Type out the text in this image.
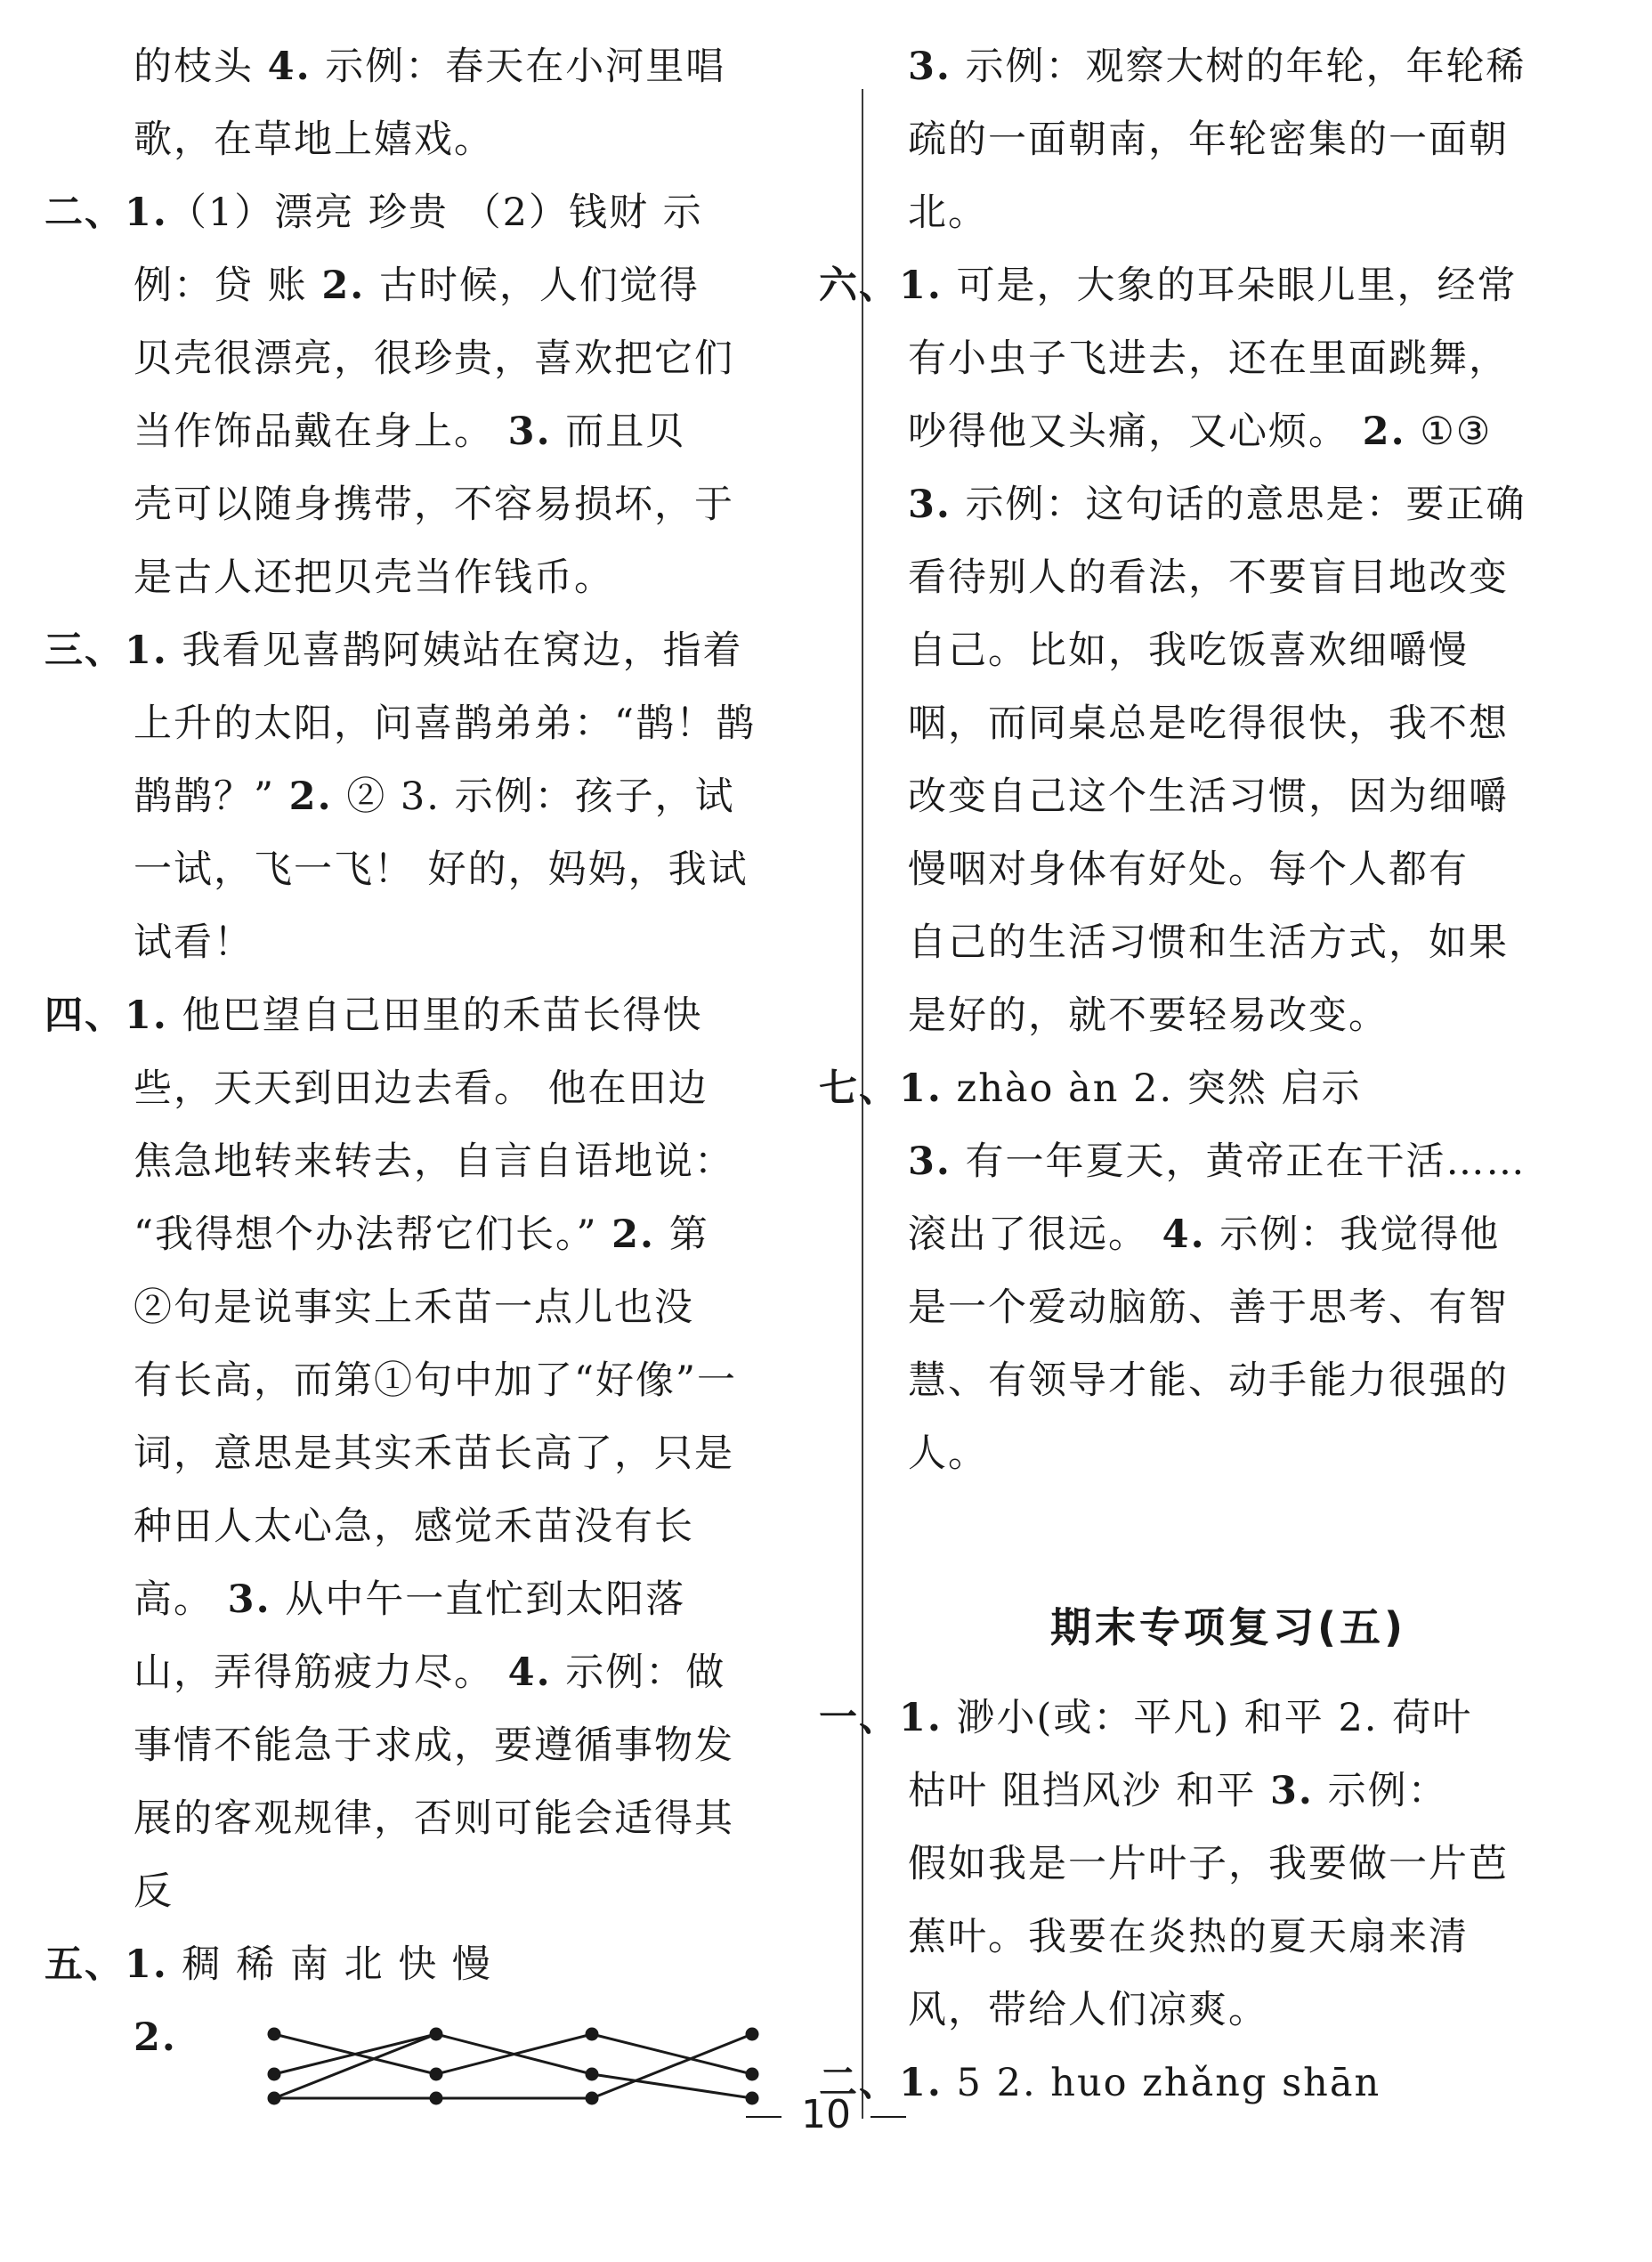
的枝头 4. 示例：春天在小河里唱
歌，在草地上嬉戏。
二、1.（1）漂亮 珍贵 （2）钱财 示
例：贷 账 2. 古时候，人们觉得
贝壳很漂亮，很珍贵，喜欢把它们
当作饰品戴在身上。 3. 而且贝
壳可以随身携带，不容易损坏，于
是古人还把贝壳当作钱币。
三、1. 我看见喜鹊阿姨站在窝边，指着
上升的太阳，问喜鹊弟弟：“鹊！鹊
鹊鹊？” 2. ② 3. 示例：孩子，试
一试，飞一飞！ 好的，妈妈，我试
试看！
四、1. 他巴望自己田里的禾苗长得快
些，天天到田边去看。 他在田边
焦急地转来转去，自言自语地说：
“我得想个办法帮它们长。” 2. 第
②句是说事实上禾苗一点儿也没
有长高，而第①句中加了“好像”一
词，意思是其实禾苗长高了，只是
种田人太心急，感觉禾苗没有长
高。 3. 从中午一直忙到太阳落
山，弄得筋疲力尽。 4. 示例：做
事情不能急于求成，要遵循事物发
展的客观规律，否则可能会适得其
反
五、1. 稠 稀 南 北 快 慢
2.
3. 示例：观察大树的年轮，年轮稀
疏的一面朝南，年轮密集的一面朝
北。
六、1. 可是，大象的耳朵眼儿里，经常
有小虫子飞进去，还在里面跳舞，
吵得他又头痛，又心烦。 2. ①③
3. 示例：这句话的意思是：要正确
看待别人的看法，不要盲目地改变
自己。比如，我吃饭喜欢细嚼慢
咽，而同桌总是吃得很快，我不想
改变自己这个生活习惯，因为细嚼
慢咽对身体有好处。每个人都有
自己的生活习惯和生活方式，如果
是好的，就不要轻易改变。
七、1. zhào àn 2. 突然 启示
3. 有一年夏天，黄帝正在干活……
滚出了很远。 4. 示例：我觉得他
是一个爱动脑筋、善于思考、有智
慧、有领导才能、动手能力很强的
人。
一、1. 渺小(或：平凡) 和平 2. 荷叶
枯叶 阻挡风沙 和平 3. 示例：
假如我是一片叶子，我要做一片芭
蕉叶。我要在炎热的夏天扇来清
风，带给人们凉爽。
二、1. 5 2. huo zhǎng shān
期末专项复习(五)
10
